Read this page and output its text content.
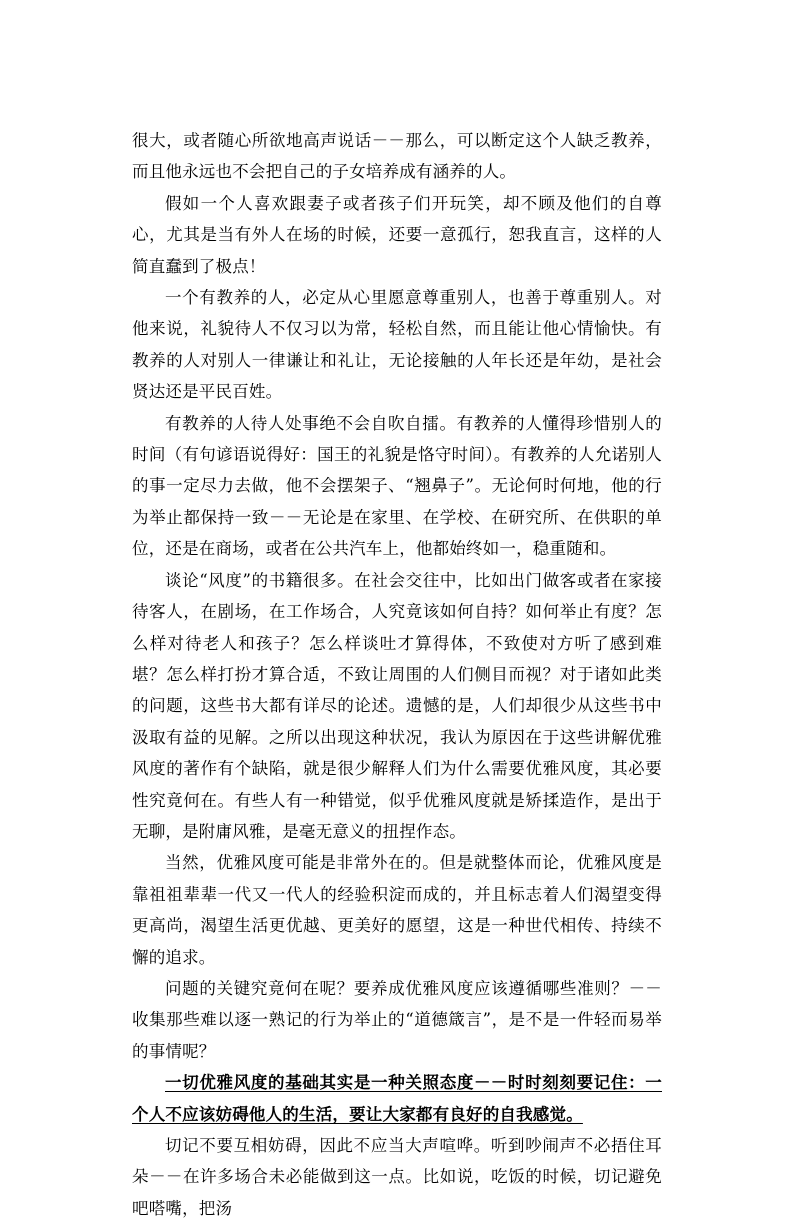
很大，或者随心所欲地高声说话－－那么，可以断定这个人缺乏教养，而且他永远也不会把自己的子女培养成有涵养的人。

假如一个人喜欢跟妻子或者孩子们开玩笑，却不顾及他们的自尊心，尤其是当有外人在场的时候，还要一意孤行，恕我直言，这样的人简直蠢到了极点！

一个有教养的人，必定从心里愿意尊重别人，也善于尊重别人。对他来说，礼貌待人不仅习以为常，轻松自然，而且能让他心情愉快。有教养的人对别人一律谦让和礼让，无论接触的人年长还是年幼，是社会贤达还是平民百姓。

有教养的人待人处事绝不会自吹自擂。有教养的人懂得珍惜别人的时间（有句谚语说得好：国王的礼貌是恪守时间）。有教养的人允诺别人的事一定尽力去做，他不会摆架子、“翘鼻子”。无论何时何地，他的行为举止都保持一致－－无论是在家里、在学校、在研究所、在供职的单位，还是在商场，或者在公共汽车上，他都始终如一，稳重随和。

谈论“风度”的书籍很多。在社会交往中，比如出门做客或者在家接待客人，在剧场，在工作场合，人究竟该如何自持？如何举止有度？怎么样对待老人和孩子？怎么样谈吐才算得体，不致使对方听了感到难堪？怎么样打扮才算合适，不致让周围的人们侧目而视？对于诸如此类的问题，这些书大都有详尽的论述。遗憾的是，人们却很少从这些书中汲取有益的见解。之所以出现这种状况，我认为原因在于这些讲解优雅风度的著作有个缺陷，就是很少解释人们为什么需要优雅风度，其必要性究竟何在。有些人有一种错觉，似乎优雅风度就是矫揉造作，是出于无聊，是附庸风雅，是毫无意义的扭捏作态。

当然，优雅风度可能是非常外在的。但是就整体而论，优雅风度是靠祖祖辈辈一代又一代人的经验积淀而成的，并且标志着人们渴望变得更高尚，渴望生活更优越、更美好的愿望，这是一种世代相传、持续不懈的追求。

问题的关键究竟何在呢？要养成优雅风度应该遵循哪些准则？－－收集那些难以逐一熟记的行为举止的“道德箴言”，是不是一件轻而易举的事情呢？

一切优雅风度的基础其实是一种关照态度－－时时刻刻要记住：一个人不应该妨碍他人的生活，要让大家都有良好的自我感觉。

切记不要互相妨碍，因此不应当大声喧哗。听到吵闹声不必捂住耳朵－－在许多场合未必能做到这一点。比如说，吃饭的时候，切记避免吧嗒嘴，把汤
